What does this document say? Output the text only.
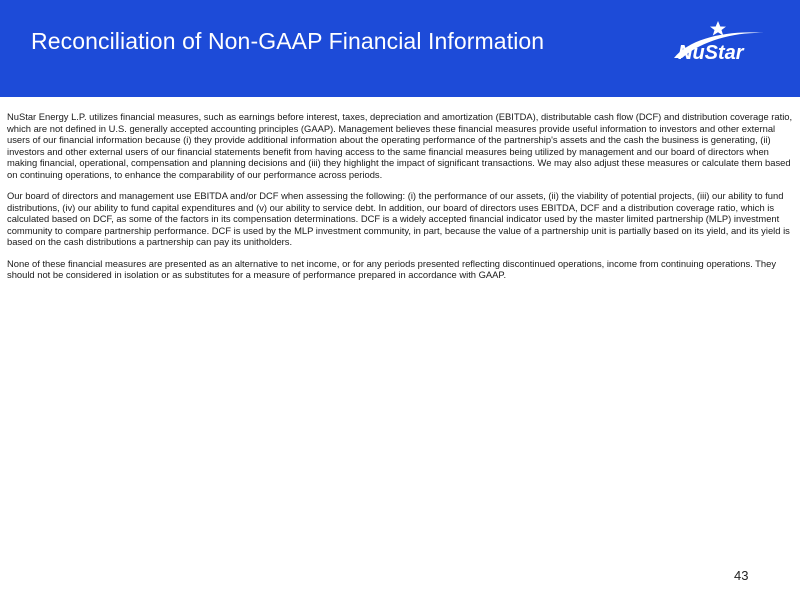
Reconciliation of Non-GAAP Financial Information	NuStar

NuStar Energy L.P. utilizes financial measures, such as earnings before interest, taxes, depreciation and amortization (EBITDA), distributable cash flow (DCF) and distribution coverage ratio, which are not defined in U.S. generally accepted accounting principles (GAAP). Management believes these financial measures provide useful information to investors and other external users of our financial information because (i) they provide additional information about the operating performance of the partnership's assets and the cash the business is generating, (ii) investors and other external users of our financial statements benefit from having access to the same financial measures being utilized by management and our board of directors when making financial, operational, compensation and planning decisions and (iii) they highlight the impact of significant transactions. We may also adjust these measures or calculate them based on continuing operations, to enhance the comparability of our performance across periods.

Our board of directors and management use EBITDA and/or DCF when assessing the following: (i) the performance of our assets, (ii) the viability of potential projects, (iii) our ability to fund distributions, (iv) our ability to fund capital expenditures and (v) our ability to service debt. In addition, our board of directors uses EBITDA, DCF and a distribution coverage ratio, which is calculated based on DCF, as some of the factors in its compensation determinations. DCF is a widely accepted financial indicator used by the master limited partnership (MLP) investment community to compare partnership performance. DCF is used by the MLP investment community, in part, because the value of a partnership unit is partially based on its yield, and its yield is based on the cash distributions a partnership can pay its unitholders.

None of these financial measures are presented as an alternative to net income, or for any periods presented reflecting discontinued operations, income from continuing operations. They should not be considered in isolation or as substitutes for a measure of performance prepared in accordance with GAAP.

43
